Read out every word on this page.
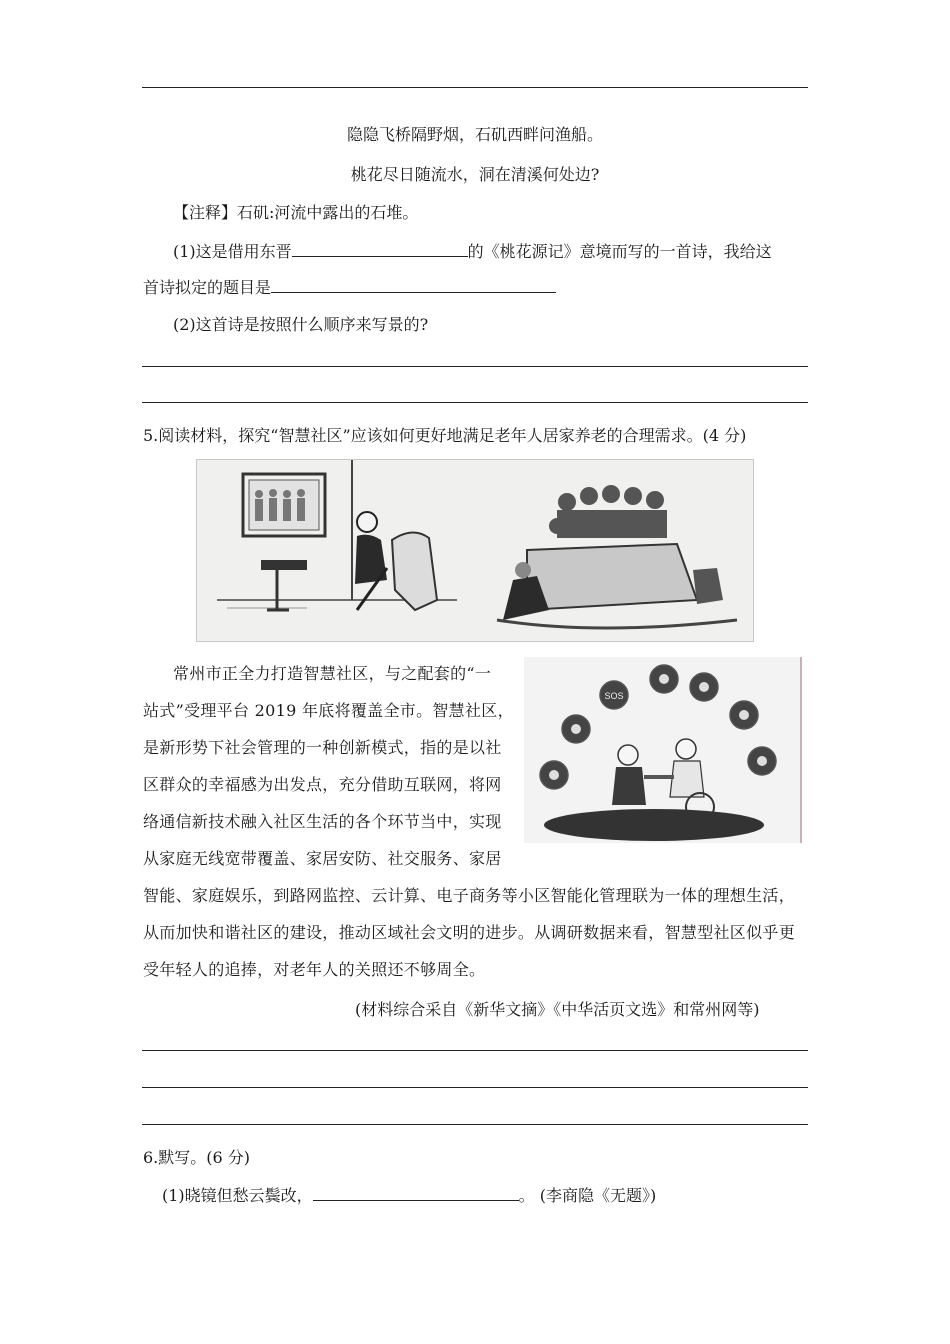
隐隐飞桥隔野烟，石矶西畔问渔船。
桃花尽日随流水，洞在清溪何处边?
【注释】石矶:河流中露出的石堆。
(1)这是借用东晋	的《桃花源记》意境而写的一首诗，我给这
首诗拟定的题目是
(2)这首诗是按照什么顺序来写景的?
5.阅读材料，探究“智慧社区”应该如何更好地满足老年人居家养老的合理需求。(4 分)
常州市正全力打造智慧社区，与之配套的“一
站式”受理平台 2019 年底将覆盖全市。智慧社区，
是新形势下社会管理的一种创新模式，指的是以社
区群众的幸福感为出发点，充分借助互联网，将网
络通信新技术融入社区生活的各个环节当中，实现
从家庭无线宽带覆盖、家居安防、社交服务、家居
智能、家庭娱乐，到路网监控、云计算、电子商务等小区智能化管理联为一体的理想生活，
从而加快和谐社区的建设，推动区域社会文明的进步。从调研数据来看，智慧型社区似乎更
受年轻人的追捧，对老年人的关照还不够周全。
SOS
(材料综合采自《新华文摘》《中华活页文选》和常州网等)
6.默写。(6 分)
(1)晓镜但愁云鬓改，	。 (李商隐《无题》)
